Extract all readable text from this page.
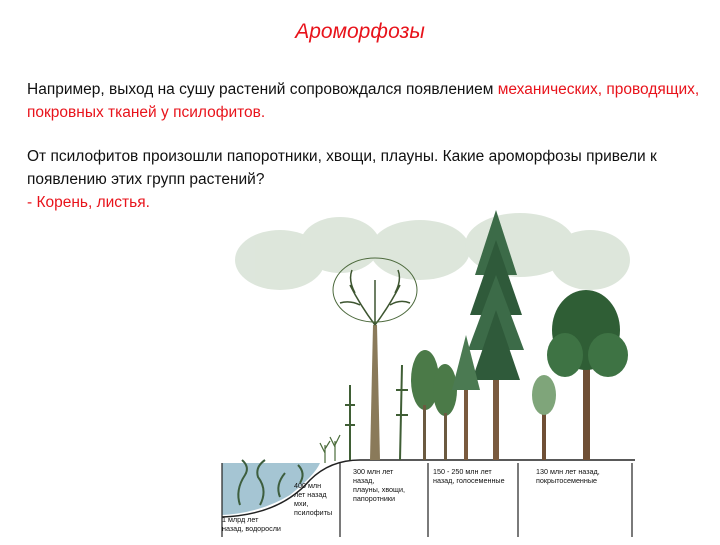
Ароморфозы

Например, выход на сушу растений сопровождался появлением механических, проводящих, покровных тканей у псилофитов.

От псилофитов произошли папоротники, хвощи, плауны. Какие ароморфозы привели к появлению этих групп растений?
- Корень, листья.

1 млрд лет
назад, водоросли
400 млн
лет назад
мхи,
псилофиты
300 млн лет
назад,
плауны, хвощи,
папоротники
150 - 250 млн лет
назад, голосеменные
130 млн лет назад,
покрытосеменные
